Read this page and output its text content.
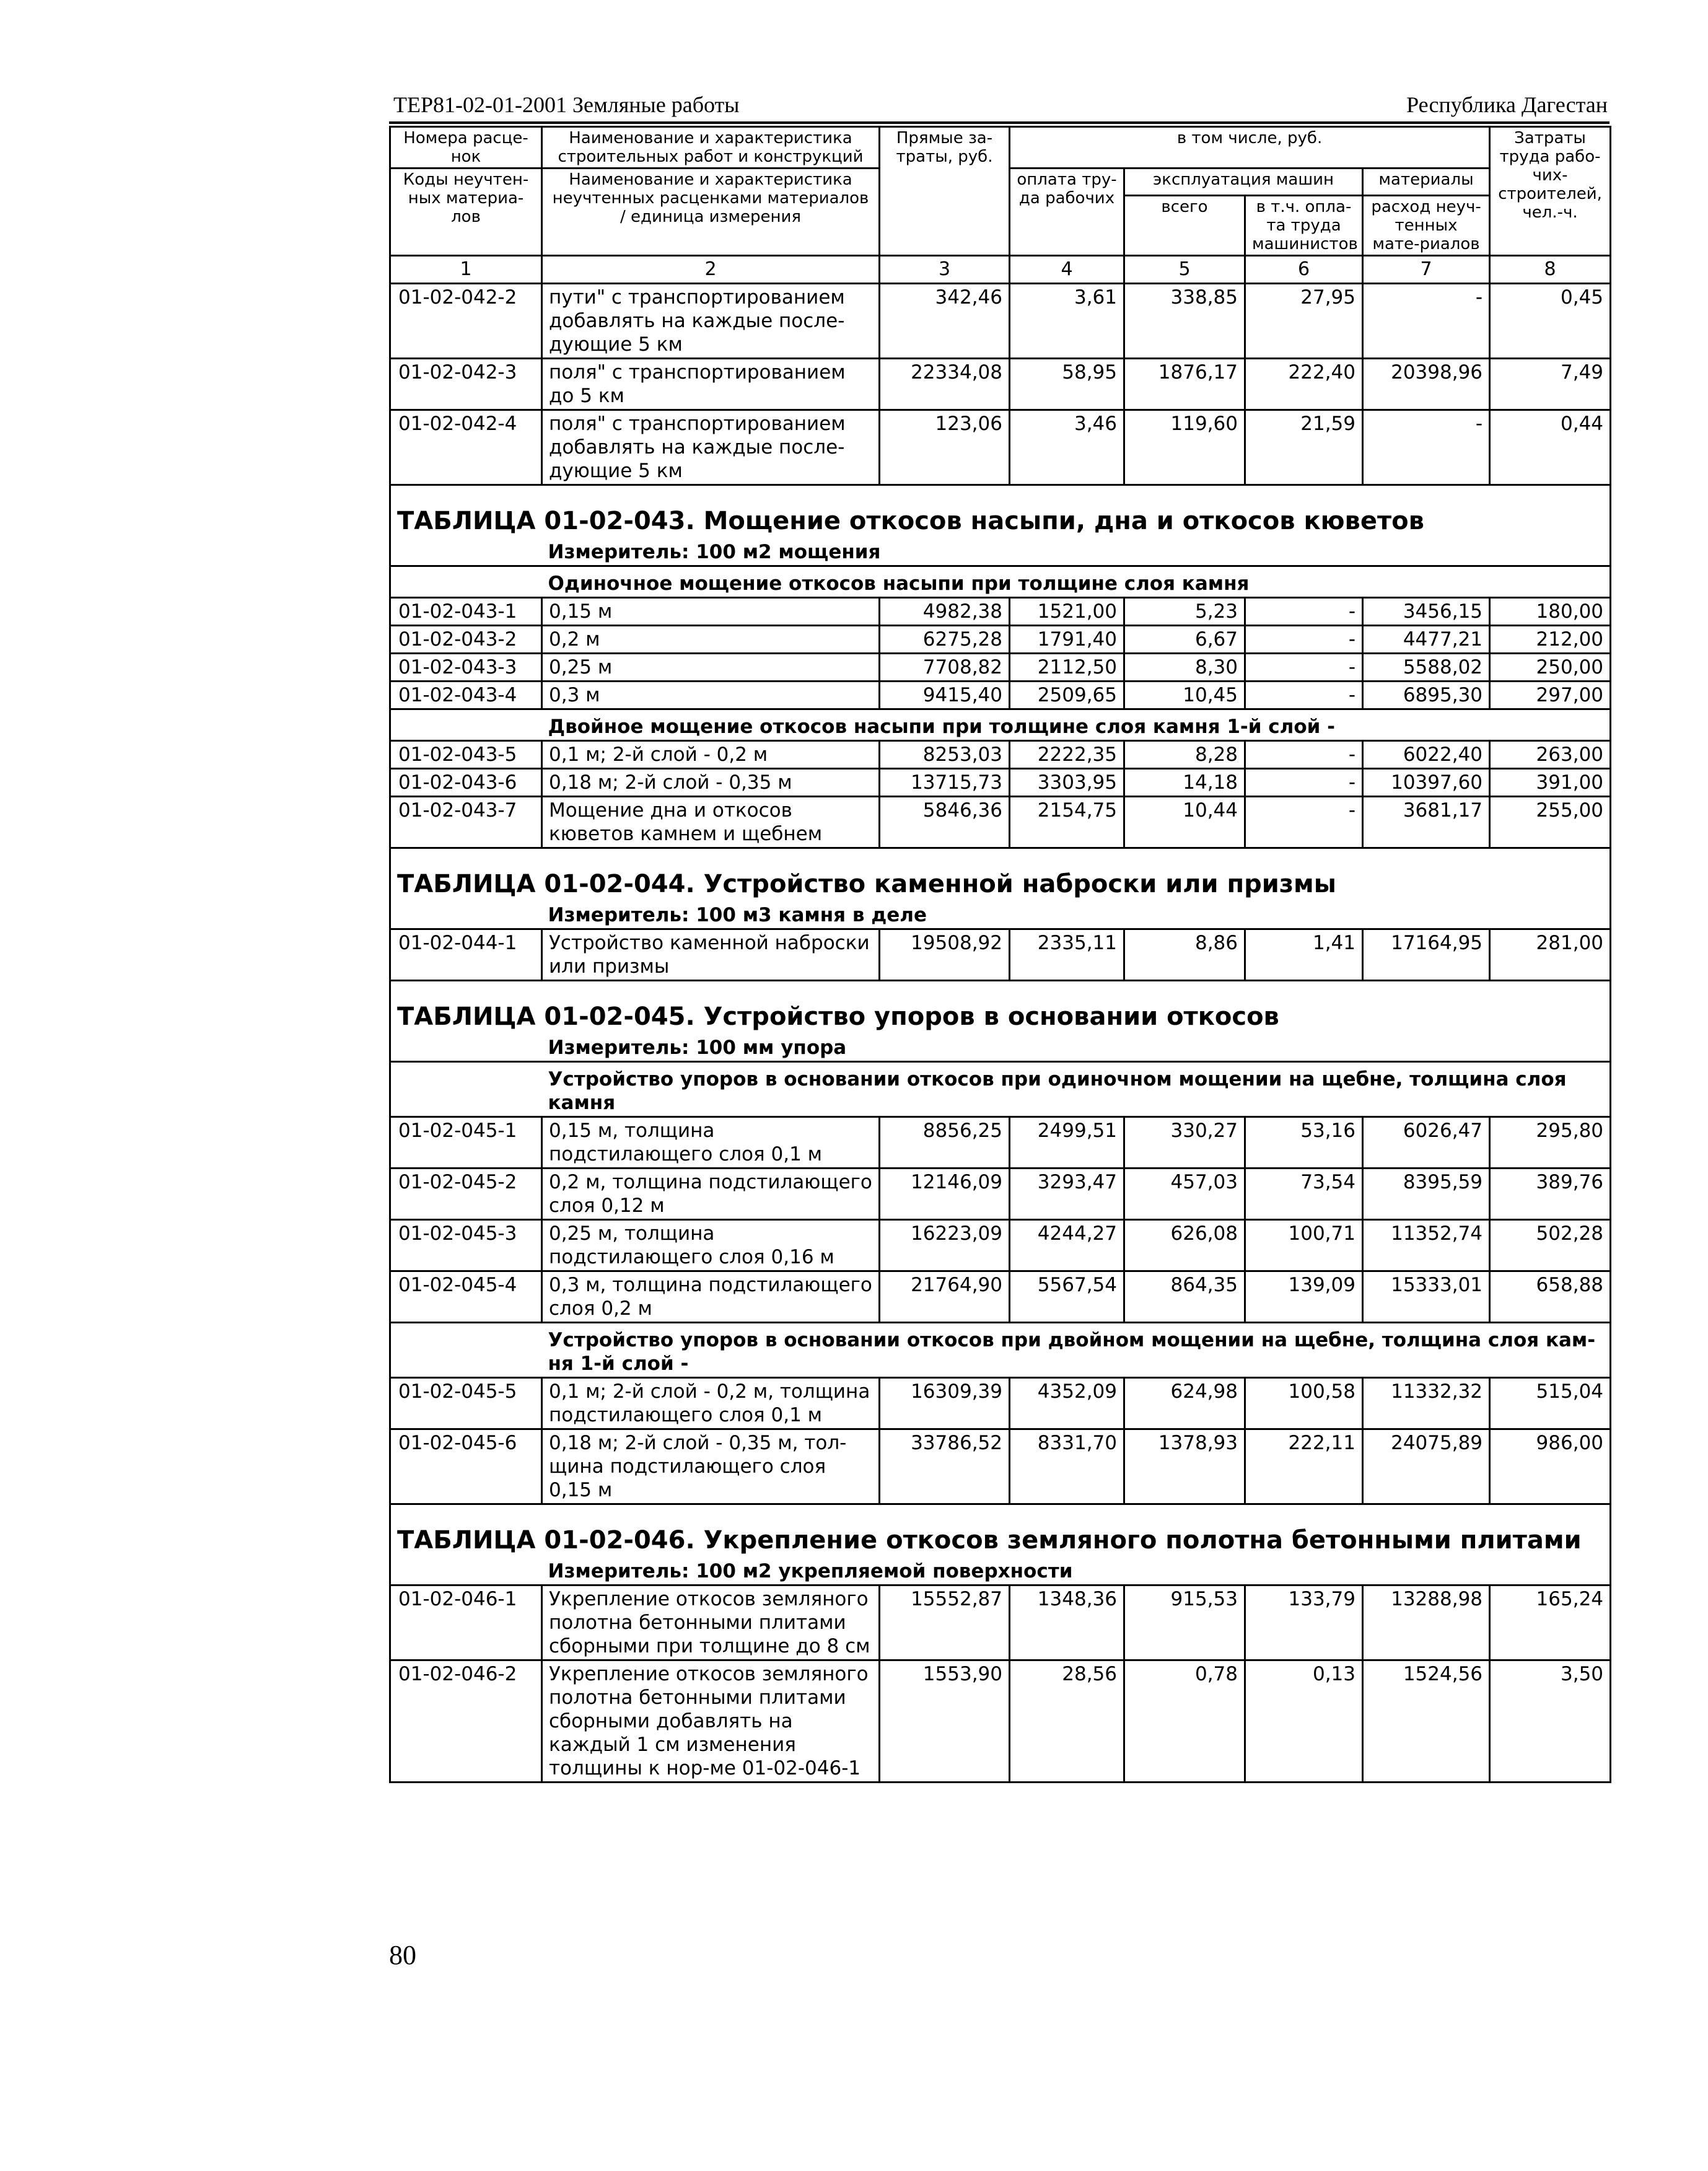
ТЕР81-02-01-2001 Земляные работы	Республика Дагестан
Номера расце-нок	Наименование и характеристика строительных работ и конструкций	Прямые за-траты, руб.	в том числе, руб.				Затраты труда рабо-чих-строителей, чел.-ч.
Коды неучтен-ных материа-лов	Наименование и характеристика неучтенных расценками материалов / единица измерения		оплата тру-да рабочих	эксплуатация машин		материалы	
				всего	в т.ч. опла-та труда машинистов	расход неуч-тенных мате-риалов	

1	2	3	4	5	6	7	8
01-02-042-2	пути" с транспортированием добавлять на каждые после-дующие 5 км	342,46	3,61	338,85	27,95	-	0,45
01-02-042-3	поля" с транспортированием до 5 км	22334,08	58,95	1876,17	222,40	20398,96	7,49
01-02-042-4	поля" с транспортированием добавлять на каждые после-дующие 5 км	123,06	3,46	119,60	21,59	-	0,44
ТАБЛИЦА 01-02-043. Мощение откосов насыпи, дна и откосов кюветов							
	Измеритель: 100 м2 мощения						
	Одиночное мощение откосов насыпи при толщине слоя камня						
01-02-043-1	0,15 м	4982,38	1521,00	5,23	-	3456,15	180,00
01-02-043-2	0,2 м	6275,28	1791,40	6,67	-	4477,21	212,00
01-02-043-3	0,25 м	7708,82	2112,50	8,30	-	5588,02	250,00
01-02-043-4	0,3 м	9415,40	2509,65	10,45	-	6895,30	297,00
	Двойное мощение откосов насыпи при толщине слоя камня 1-й слой -						
01-02-043-5	0,1 м; 2-й слой - 0,2 м	8253,03	2222,35	8,28	-	6022,40	263,00
01-02-043-6	0,18 м; 2-й слой - 0,35 м	13715,73	3303,95	14,18	-	10397,60	391,00
01-02-043-7	Мощение дна и откосов кюветов камнем и щебнем	5846,36	2154,75	10,44	-	3681,17	255,00
ТАБЛИЦА 01-02-044. Устройство каменной наброски или призмы							
	Измеритель: 100 м3 камня в деле						
01-02-044-1	Устройство каменной наброски или призмы	19508,92	2335,11	8,86	1,41	17164,95	281,00
ТАБЛИЦА 01-02-045. Устройство упоров в основании откосов							
	Измеритель: 100 мм упора						
	Устройство упоров в основании откосов при одиночном мощении на щебне, толщина слоя камня						
01-02-045-1	0,15 м, толщина подстилающего слоя 0,1 м	8856,25	2499,51	330,27	53,16	6026,47	295,80
01-02-045-2	0,2 м, толщина подстилающего слоя 0,12 м	12146,09	3293,47	457,03	73,54	8395,59	389,76
01-02-045-3	0,25 м, толщина подстилающего слоя 0,16 м	16223,09	4244,27	626,08	100,71	11352,74	502,28
01-02-045-4	0,3 м, толщина подстилающего слоя 0,2 м	21764,90	5567,54	864,35	139,09	15333,01	658,88
	Устройство упоров в основании откосов при двойном мощении на щебне, толщина слоя кам-ня 1-й слой -						
01-02-045-5	0,1 м; 2-й слой - 0,2 м, толщина подстилающего слоя 0,1 м	16309,39	4352,09	624,98	100,58	11332,32	515,04
01-02-045-6	0,18 м; 2-й слой - 0,35 м, тол-щина подстилающего слоя 0,15 м	33786,52	8331,70	1378,93	222,11	24075,89	986,00
ТАБЛИЦА 01-02-046. Укрепление откосов земляного полотна бетонными плитами							
	Измеритель: 100 м2 укрепляемой поверхности						
01-02-046-1	Укрепление откосов земляного полотна бетонными плитами сборными при толщине до 8 см	15552,87	1348,36	915,53	133,79	13288,98	165,24
01-02-046-2	Укрепление откосов земляного полотна бетонными плитами сборными добавлять на каждый 1 см изменения толщины к нор-ме 01-02-046-1	1553,90	28,56	0,78	0,13	1524,56	3,50
80
